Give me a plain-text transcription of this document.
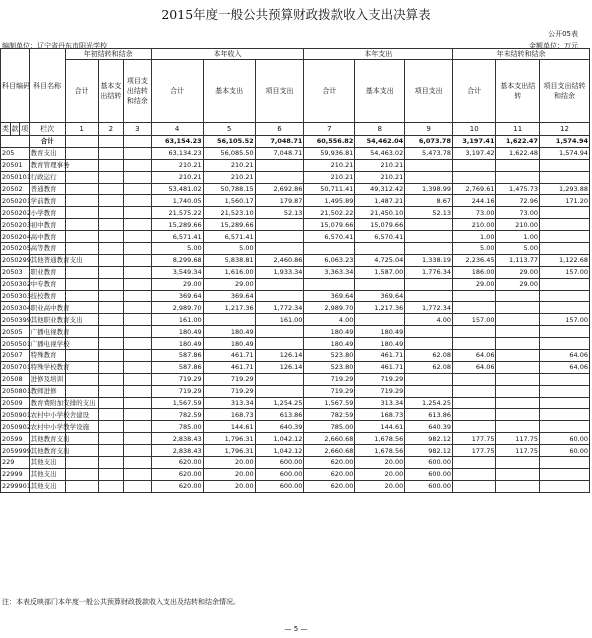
2015年度一般公共预算财政拨款收入支出决算表
公开05表
编制单位：辽宁省丹东市阳光学校	金额单位：万元
科目编码			科目名称	年初结转和结余			本年收入			本年支出			年末结转和结余		
				合计	基本支出结转	项目支出结转和结余	合计	基本支出	项目支出	合计	基本支出	项目支出	合计	基本支出结转	项目支出结转和结余
类	款	项	栏次	1	2	3	4	5	6	7	8	9	10	11	12
			合计				63,154.23	56,105.52	7,048.71	60,556.82	54,462.04	6,073.78	3,197.41	1,622.47	1,574.94
205			教育支出				63,134.23	56,085.50	7,048.71	59,936.81	54,463.02	5,473.78	3,197.42	1,622.48	1,574.94
20501			教育管理事务				210.21	210.21		210.21	210.21				
2050101			行政运行				210.21	210.21		210.21	210.21				
20502			普通教育				53,481.02	50,788.15	2,692.86	50,711.41	49,312.42	1,398.99	2,769.61	1,475.73	1,293.88
2050201			学前教育				1,740.05	1,560.17	179.87	1,495.89	1,487.21	8.67	244.16	72.96	171.20
2050202			小学教育				21,575.22	21,523.10	52.13	21,502.22	21,450.10	52.13	73.00	73.00	
2050203			初中教育				15,289.66	15,289.66		15,079.66	15,079.66		210.00	210.00	
2050204			高中教育				6,571.41	6,571.41		6,570.41	6,570.41		1.00	1.00	
2050205			高等教育				5.00	5.00					5.00	5.00	
2050299			其他普通教育支出				8,299.68	5,838.81	2,460.86	6,063.23	4,725.04	1,338.19	2,236.45	1,113.77	1,122.68
20503			职业教育				3,549.34	1,616.00	1,933.34	3,363.34	1,587.00	1,776.34	186.00	29.00	157.00
2050302			中专教育				29.00	29.00					29.00	29.00	
2050303			技校教育				369.64	369.64		369.64	369.64				
2050304			职业高中教育				2,989.70	1,217.36	1,772.34	2,989.70	1,217.36	1,772.34			
2050399			其他职业教育支出				161.00		161.00	4.00		4.00	157.00		157.00
20505			广播电视教育				180.49	180.49		180.49	180.49				
2050501			广播电视学校				180.49	180.49		180.49	180.49				
20507			特殊教育				587.86	461.71	126.14	523.80	461.71	62.08	64.06		64.06
2050701			特殊学校教育				587.86	461.71	126.14	523.80	461.71	62.08	64.06		64.06
20508			进修及培训				719.29	719.29		719.29	719.29				
2050801			教师进修				719.29	719.29		719.29	719.29				
20509			教育费附加安排的支出				1,567.59	313.34	1,254.25	1,567.59	313.34	1,254.25			
2050901			农村中小学校舍建设				782.59	168.73	613.86	782.59	168.73	613.86			
2050902			农村中小学教学设施				785.00	144.61	640.39	785.00	144.61	640.39			
20599			其他教育支出				2,838.43	1,796.31	1,042.12	2,660.68	1,678.56	982.12	177.75	117.75	60.00
2059999			其他教育支出				2,838.43	1,796.31	1,042.12	2,660.68	1,678.56	982.12	177.75	117.75	60.00
229			其他支出				620.00	20.00	600.00	620.00	20.00	600.00			
22999			其他支出				620.00	20.00	600.00	620.00	20.00	600.00			
2299901			其他支出				620.00	20.00	600.00	620.00	20.00	600.00			
注：本表反映部门本年度一般公共预算财政拨款收入支出及结转和结余情况。
— 5 —
